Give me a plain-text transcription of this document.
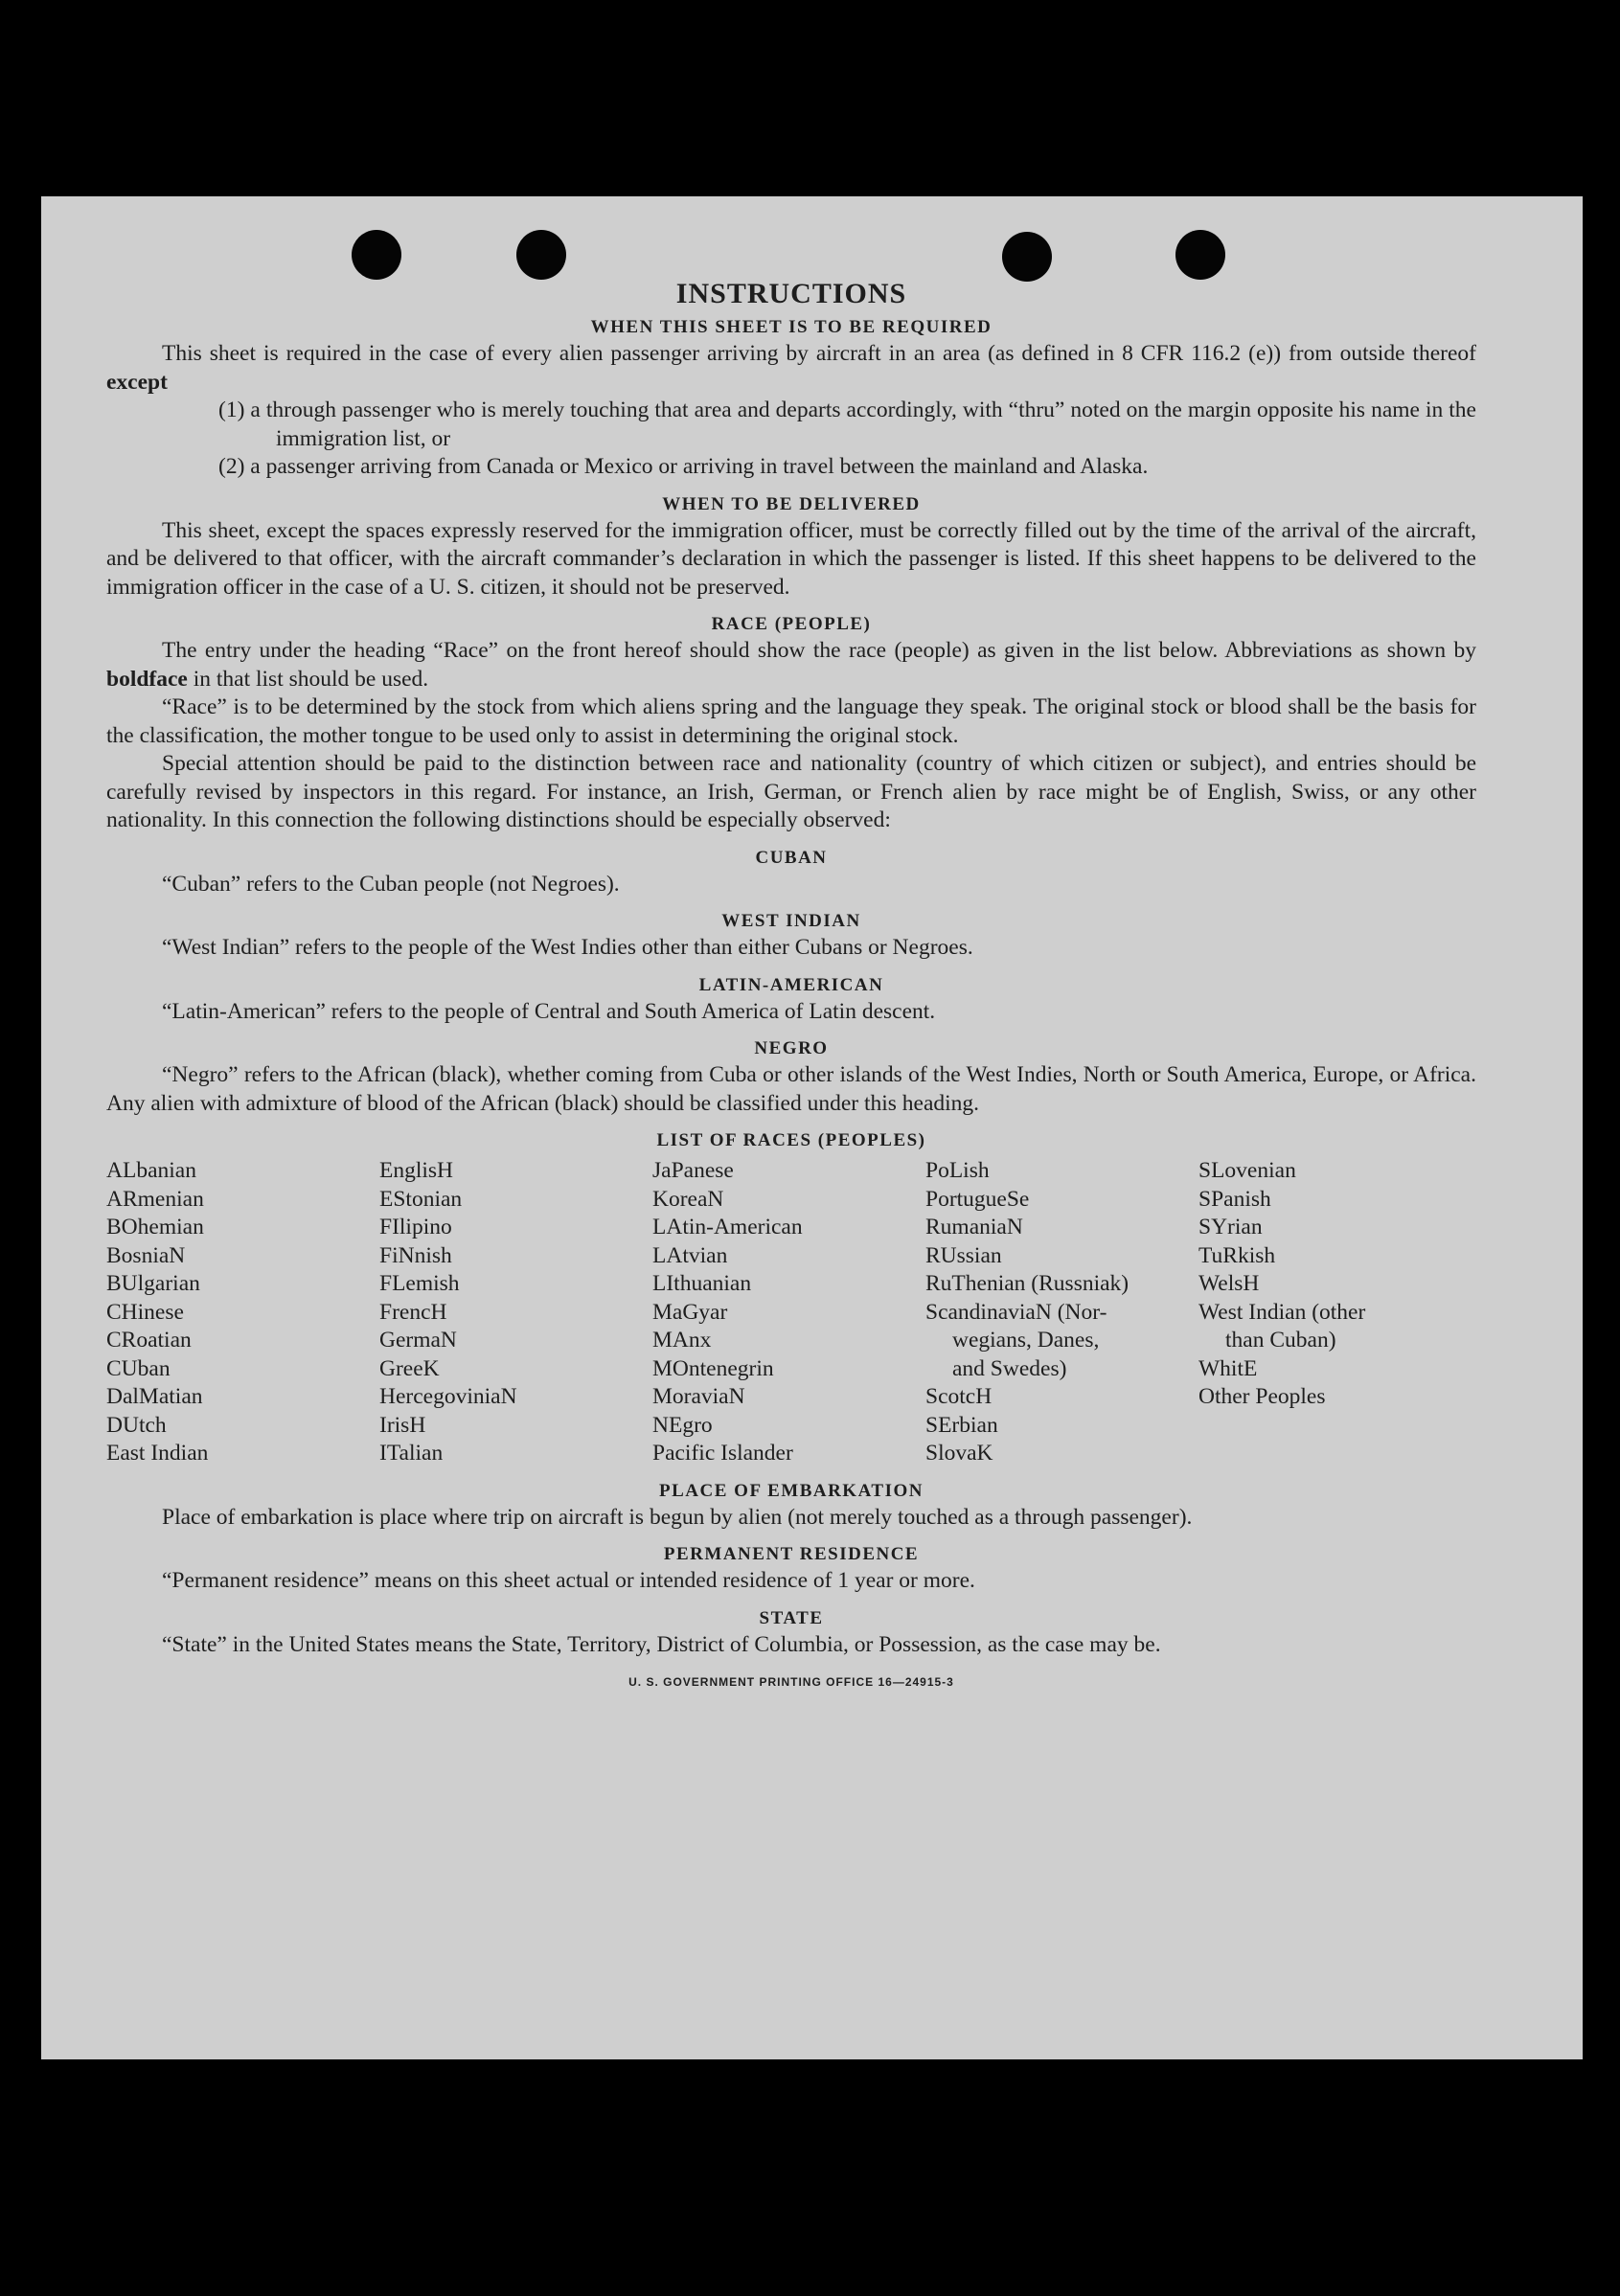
INSTRUCTIONS
WHEN THIS SHEET IS TO BE REQUIRED

This sheet is required in the case of every alien passenger arriving by aircraft in an area (as defined in 8 CFR 116.2 (e)) from outside thereof except

(1) a through passenger who is merely touching that area and departs accordingly, with “thru” noted on the margin opposite his name in the immigration list, or

(2) a passenger arriving from Canada or Mexico or arriving in travel between the mainland and Alaska.

WHEN TO BE DELIVERED

This sheet, except the spaces expressly reserved for the immigration officer, must be correctly filled out by the time of the arrival of the aircraft, and be delivered to that officer, with the aircraft commander’s declaration in which the passenger is listed. If this sheet happens to be delivered to the immigration officer in the case of a U. S. citizen, it should not be preserved.

RACE (PEOPLE)

The entry under the heading “Race” on the front hereof should show the race (people) as given in the list below. Abbreviations as shown by boldface in that list should be used.

“Race” is to be determined by the stock from which aliens spring and the language they speak. The original stock or blood shall be the basis for the classification, the mother tongue to be used only to assist in determining the original stock.

Special attention should be paid to the distinction between race and nationality (country of which citizen or subject), and entries should be carefully revised by inspectors in this regard. For instance, an Irish, German, or French alien by race might be of English, Swiss, or any other nationality. In this connection the following distinctions should be especially observed:

CUBAN

“Cuban” refers to the Cuban people (not Negroes).

WEST INDIAN

“West Indian” refers to the people of the West Indies other than either Cubans or Negroes.

LATIN-AMERICAN

“Latin-American” refers to the people of Central and South America of Latin descent.

NEGRO

“Negro” refers to the African (black), whether coming from Cuba or other islands of the West Indies, North or South America, Europe, or Africa. Any alien with admixture of blood of the African (black) should be classified under this heading.

LIST OF RACES (PEOPLES)
ALbanian	EnglisH	JaPanese	PoLish	SLovenian
ARmenian	EStonian	KoreaN	PortugueSe	SPanish
BOhemian	FIlipino	LAtin-American	RumaniaN	SYrian
BosniaN	FiNnish	LAtvian	RUssian	TuRkish
BUlgarian	FLemish	LIthuanian	RuThenian (Russniak)	WelsH
CHinese	FrencH	MaGyar	ScandinaviaN (Nor-	West Indian (other
CRoatian	GermaN	MAnx	wegians, Danes,	than Cuban)
CUban	GreeK	MOntenegrin	and Swedes)	WhitE
DalMatian	HercegoviniaN	MoraviaN	ScotcH	Other Peoples
DUtch	IrisH	NEgro	SErbian
East Indian	ITalian	Pacific Islander	SlovaK
PLACE OF EMBARKATION

Place of embarkation is place where trip on aircraft is begun by alien (not merely touched as a through passenger).

PERMANENT RESIDENCE

“Permanent residence” means on this sheet actual or intended residence of 1 year or more.

STATE

“State” in the United States means the State, Territory, District of Columbia, or Possession, as the case may be.

U. S. GOVERNMENT PRINTING OFFICE 16—24915-3
